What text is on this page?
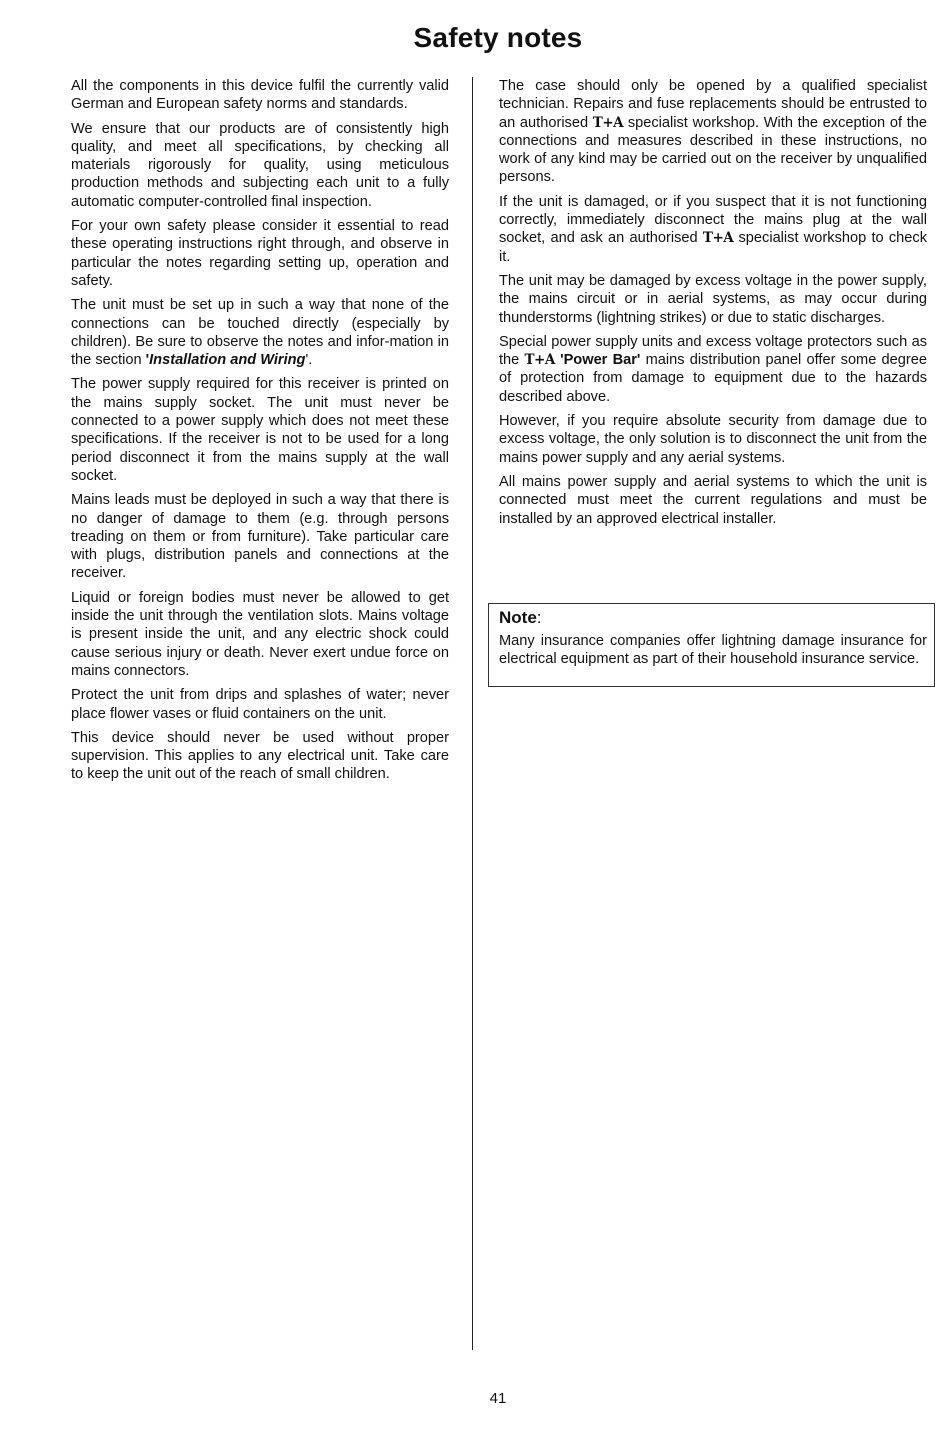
Safety notes

All the components in this device fulfil the currently valid German and European safety norms and standards.

We ensure that our products are of consistently high quality, and meet all specifications, by checking all materials rigorously for quality, using meticulous production methods and subjecting each unit to a fully automatic computer-controlled final inspection.

For your own safety please consider it essential to read these operating instructions right through, and observe in particular the notes regarding setting up, operation and safety.

The unit must be set up in such a way that none of the connections can be touched directly (especially by children). Be sure to observe the notes and infor-mation in the section 'Installation and Wiring'.

The power supply required for this receiver is printed on the mains supply socket. The unit must never be connected to a power supply which does not meet these specifications. If the receiver is not to be used for a long period disconnect it from the mains supply at the wall socket.

Mains leads must be deployed in such a way that there is no danger of damage to them (e.g. through persons treading on them or from furniture). Take particular care with plugs, distribution panels and connections at the receiver.

Liquid or foreign bodies must never be allowed to get inside the unit through the ventilation slots. Mains voltage is present inside the unit, and any electric shock could cause serious injury or death. Never exert undue force on mains connectors.

Protect the unit from drips and splashes of water; never place flower vases or fluid containers on the unit.

This device should never be used without proper supervision. This applies to any electrical unit. Take care to keep the unit out of the reach of small children.

The case should only be opened by a qualified specialist technician. Repairs and fuse replacements should be entrusted to an authorised T+A specialist workshop. With the exception of the connections and measures described in these instructions, no work of any kind may be carried out on the receiver by unqualified persons.

If the unit is damaged, or if you suspect that it is not functioning correctly, immediately disconnect the mains plug at the wall socket, and ask an authorised T+A specialist workshop to check it.

The unit may be damaged by excess voltage in the power supply, the mains circuit or in aerial systems, as may occur during thunderstorms (lightning strikes) or due to static discharges.

Special power supply units and excess voltage protectors such as the T+A 'Power Bar' mains distribution panel offer some degree of protection from damage to equipment due to the hazards described above.

However, if you require absolute security from damage due to excess voltage, the only solution is to disconnect the unit from the mains power supply and any aerial systems.

All mains power supply and aerial systems to which the unit is connected must meet the current regulations and must be installed by an approved electrical installer.

Note:
Many insurance companies offer lightning damage insurance for electrical equipment as part of their household insurance service.
41
